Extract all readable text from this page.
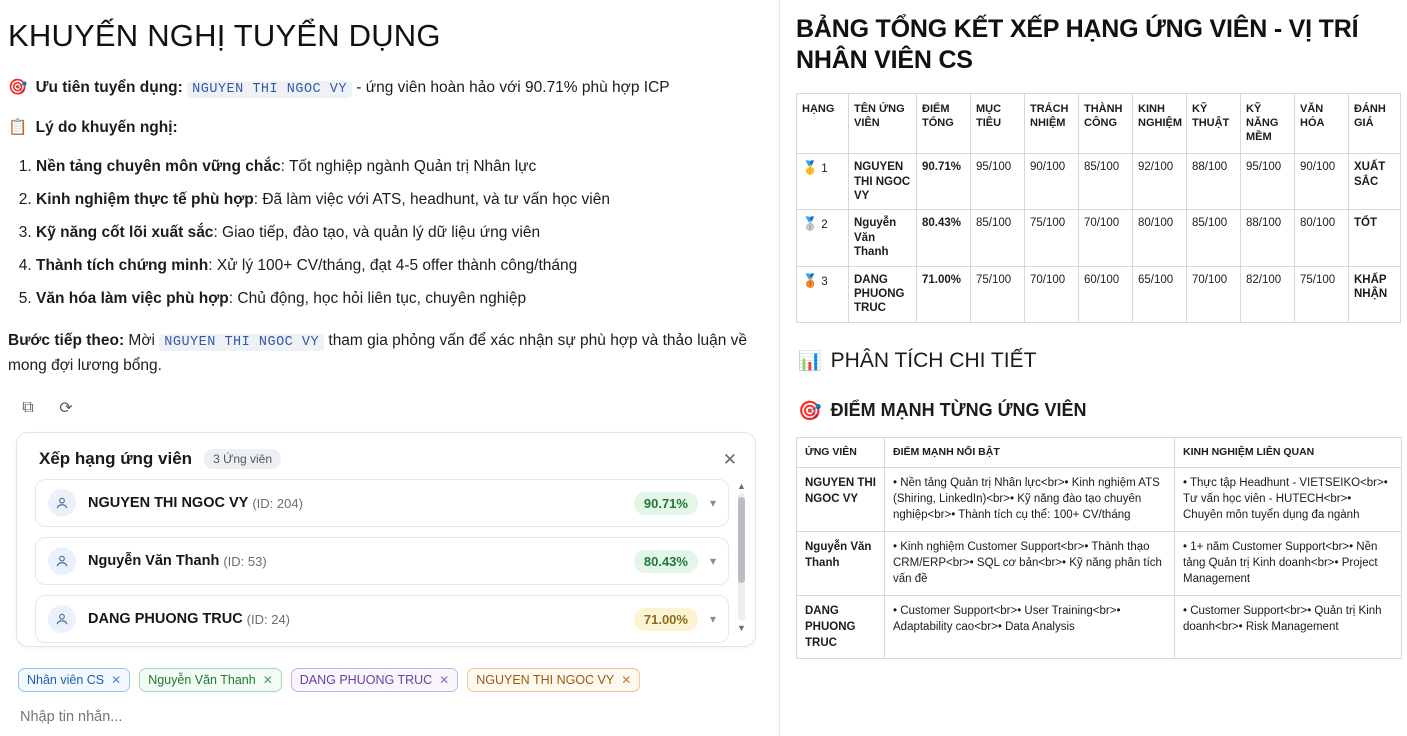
KHUYẾN NGHỊ TUYỂN DỤNG
🎯 Ưu tiên tuyển dụng: NGUYEN THI NGOC VY - ứng viên hoàn hảo với 90.71% phù hợp ICP
📋 Lý do khuyến nghị:
1. Nền tảng chuyên môn vững chắc: Tốt nghiệp ngành Quản trị Nhân lực
2. Kinh nghiệm thực tế phù hợp: Đã làm việc với ATS, headhunt, và tư vấn học viên
3. Kỹ năng cốt lõi xuất sắc: Giao tiếp, đào tạo, và quản lý dữ liệu ứng viên
4. Thành tích chứng minh: Xử lý 100+ CV/tháng, đạt 4-5 offer thành công/tháng
5. Văn hóa làm việc phù hợp: Chủ động, học hỏi liên tục, chuyên nghiệp
Bước tiếp theo: Mời NGUYEN THI NGOC VY tham gia phỏng vấn để xác nhận sự phù hợp và thảo luận về mong đợi lương bổng.
⧉ ⟳
Xếp hạng ứng viên	3 Ứng viên	✕
NGUYEN THI NGOC VY (ID: 204)	90.71%	▾
Nguyễn Văn Thanh (ID: 53)	80.43%	▾
DANG PHUONG TRUC (ID: 24)	71.00%	▾
▲
▼
Nhân viên CS ✕ Nguyễn Văn Thanh ✕ DANG PHUONG TRUC ✕ NGUYEN THI NGOC VY ✕
Nhập tin nhắn...
BẢNG TỔNG KẾT XẾP HẠNG ỨNG VIÊN - VỊ TRÍ NHÂN VIÊN CS
HẠNG	TÊN ỨNG VIÊN	ĐIỂM TỔNG	MỤC TIÊU	TRÁCH NHIỆM	THÀNH CÔNG	KINH NGHIỆM	KỸ THUẬT	KỸ NĂNG MỀM	VĂN HÓA	ĐÁNH GIÁ
🥇 1	NGUYEN THI NGOC VY	90.71%	95/100	90/100	85/100	92/100	88/100	95/100	90/100	XUẤT SẮC
🥈 2	Nguyễn Văn Thanh	80.43%	85/100	75/100	70/100	80/100	85/100	88/100	80/100	TỐT
🥉 3	DANG PHUONG TRUC	71.00%	75/100	70/100	60/100	65/100	70/100	82/100	75/100	KHẤP NHẬN
📊 PHÂN TÍCH CHI TIẾT
🎯 ĐIỂM MẠNH TỪNG ỨNG VIÊN
ỨNG VIÊN	ĐIỂM MẠNH NỔI BẬT	KINH NGHIỆM LIÊN QUAN
NGUYEN THI NGOC VY	• Nền tảng Quản trị Nhân lực<br>• Kinh nghiệm ATS (Shiring, LinkedIn)<br>• Kỹ năng đào tạo chuyên nghiệp<br>• Thành tích cụ thể: 100+ CV/tháng	• Thực tập Headhunt - VIETSEIKO<br>• Tư vấn học viên - HUTECH<br>• Chuyên môn tuyển dụng đa ngành
Nguyễn Văn Thanh	• Kinh nghiệm Customer Support<br>• Thành thạo CRM/ERP<br>• SQL cơ bản<br>• Kỹ năng phân tích vấn đề	• 1+ năm Customer Support<br>• Nền tảng Quản trị Kinh doanh<br>• Project Management
DANG PHUONG TRUC	• Customer Support<br>• User Training<br>• Adaptability cao<br>• Data Analysis	• Customer Support<br>• Quản trị Kinh doanh<br>• Risk Management
